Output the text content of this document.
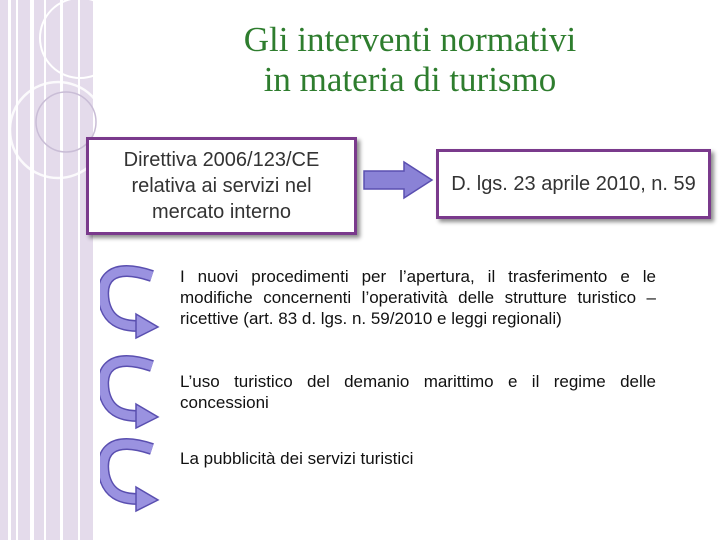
Gli interventi normativi
in materia di turismo
Direttiva 2006/123/CE relativa ai servizi nel mercato interno
D. lgs. 23 aprile 2010, n. 59
I nuovi procedimenti per l’apertura, il trasferimento e le modifiche concernenti l’operatività delle strutture turistico – ricettive (art. 83 d. lgs. n. 59/2010 e leggi regionali)
L’uso turistico del demanio marittimo e il regime delle concessioni
La pubblicità dei servizi turistici
